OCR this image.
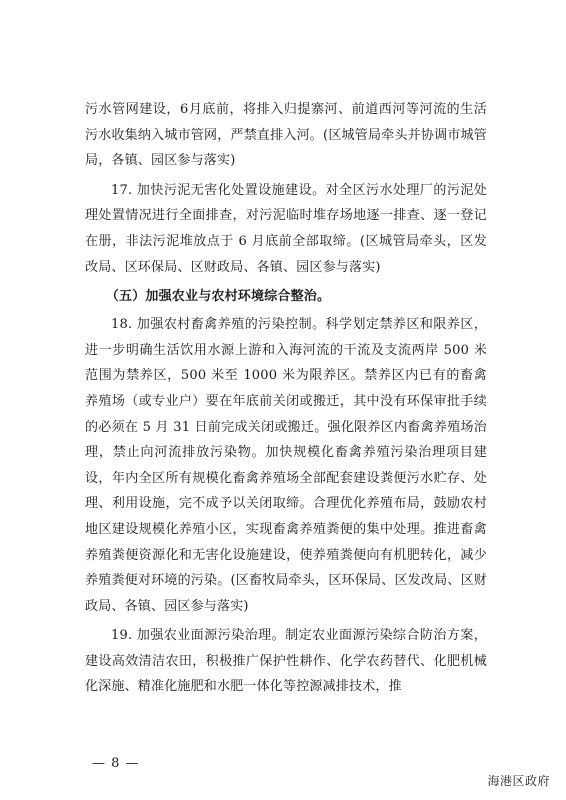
污水管网建设，6月底前，将排入归提寨河、前道西河等河流的生活污水收集纳入城市管网，严禁直排入河。(区城管局牵头并协调市城管局，各镇、园区参与落实)

17. 加快污泥无害化处置设施建设。对全区污水处理厂的污泥处理处置情况进行全面排查，对污泥临时堆存场地逐一排查、逐一登记在册，非法污泥堆放点于 6 月底前全部取缔。(区城管局牵头，区发改局、区环保局、区财政局、各镇、园区参与落实)

（五）加强农业与农村环境综合整治。

18. 加强农村畜禽养殖的污染控制。科学划定禁养区和限养区，进一步明确生活饮用水源上游和入海河流的干流及支流两岸 500 米范围为禁养区，500 米至 1000 米为限养区。禁养区内已有的畜禽养殖场（或专业户）要在年底前关闭或搬迁，其中没有环保审批手续的必须在 5 月 31 日前完成关闭或搬迁。强化限养区内畜禽养殖场治理，禁止向河流排放污染物。加快规模化畜禽养殖污染治理项目建设，年内全区所有规模化畜禽养殖场全部配套建设粪便污水贮存、处理、利用设施，完不成予以关闭取缔。合理优化养殖布局，鼓励农村地区建设规模化养殖小区，实现畜禽养殖粪便的集中处理。推进畜禽养殖粪便资源化和无害化设施建设，使养殖粪便向有机肥转化，减少养殖粪便对环境的污染。(区畜牧局牵头，区环保局、区发改局、区财政局、各镇、园区参与落实)

19. 加强农业面源污染治理。制定农业面源污染综合防治方案，建设高效清洁农田，积极推广保护性耕作、化学农药替代、化肥机械化深施、精准化施肥和水肥一体化等控源减排技术，推

— 8 —
海港区政府
